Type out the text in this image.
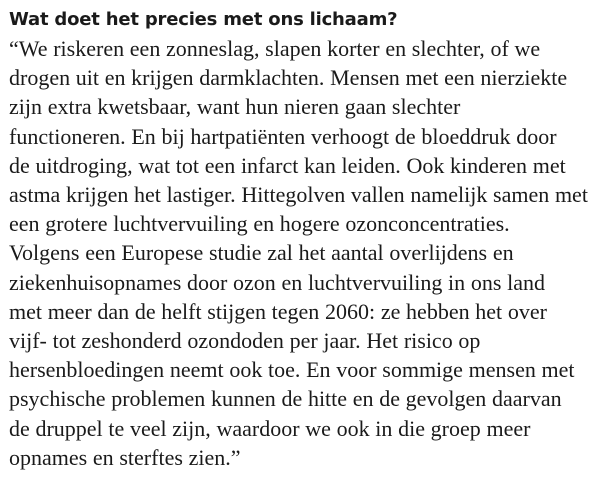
Wat doet het precies met ons lichaam?

“We riskeren een zonneslag, slapen korter en slechter, of we
drogen uit en krijgen darmklachten. Mensen met een nierziekte
zijn extra kwetsbaar, want hun nieren gaan slechter
functioneren. En bij hartpatiënten verhoogt de bloeddruk door
de uitdroging, wat tot een infarct kan leiden. Ook kinderen met
astma krijgen het lastiger. Hittegolven vallen namelijk samen met
een grotere luchtvervuiling en hogere ozonconcentraties.
Volgens een Europese studie zal het aantal overlijdens en
ziekenhuisopnames door ozon en luchtvervuiling in ons land
met meer dan de helft stijgen tegen 2060: ze hebben het over
vijf- tot zeshonderd ozondoden per jaar. Het risico op
hersenbloedingen neemt ook toe. En voor sommige mensen met
psychische problemen kunnen de hitte en de gevolgen daarvan
de druppel te veel zijn, waardoor we ook in die groep meer
opnames en sterftes zien.”
